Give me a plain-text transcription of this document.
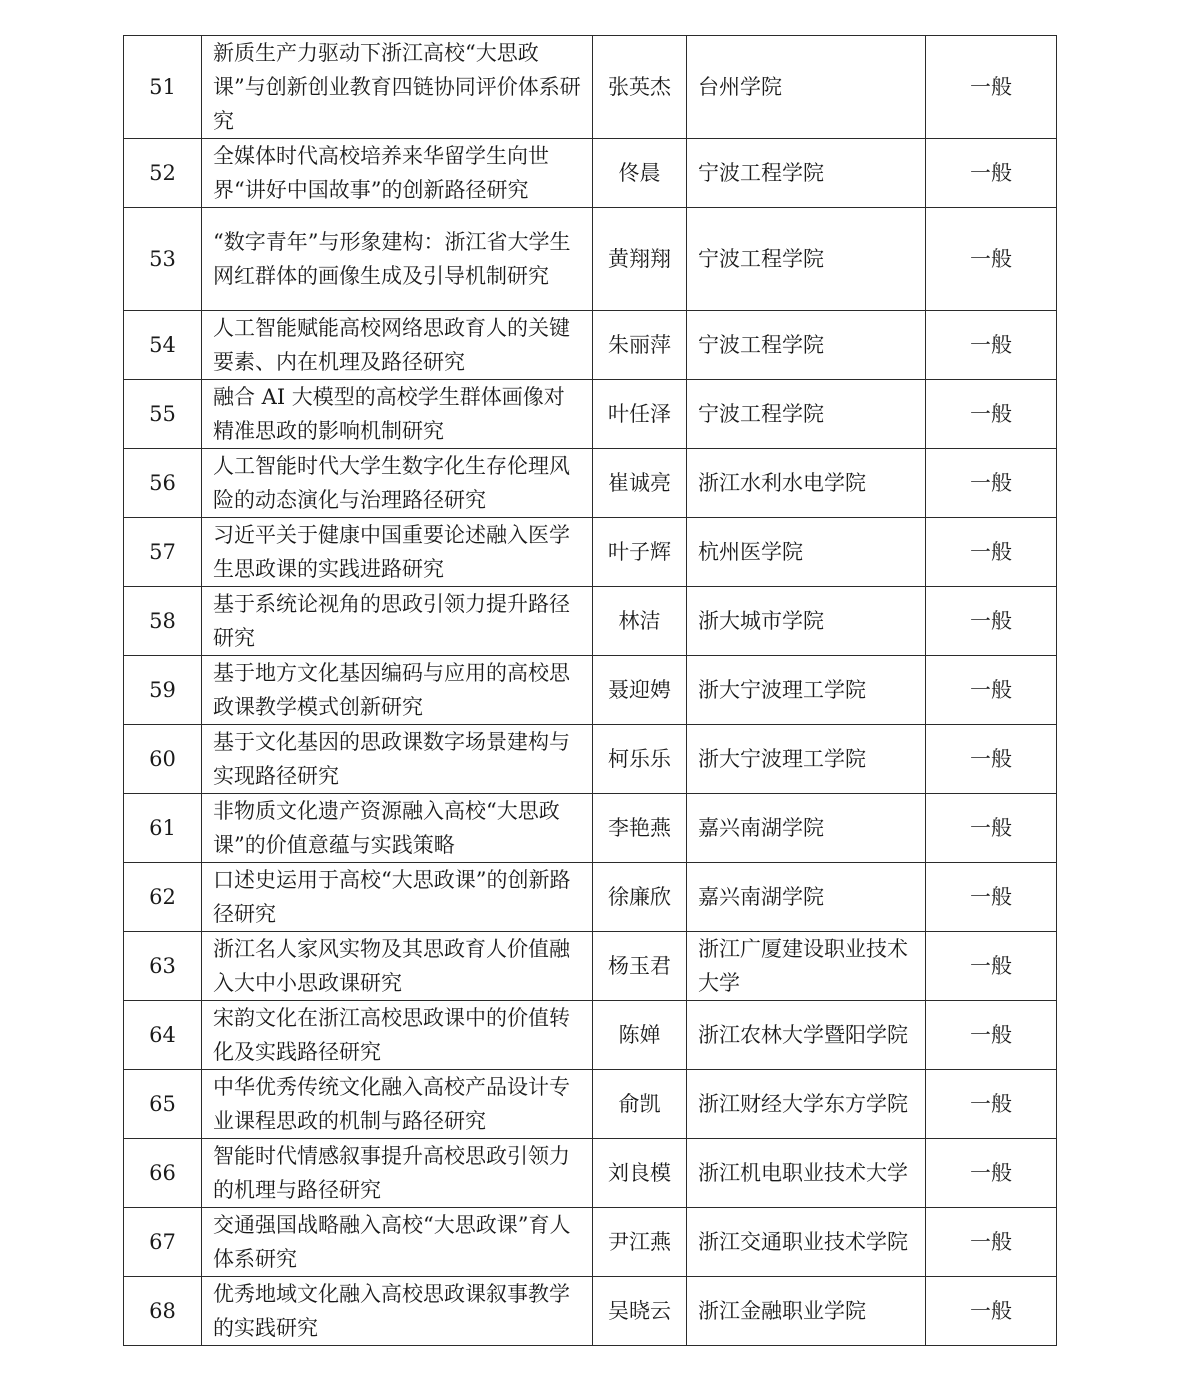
51	新质生产力驱动下浙江高校“大思政课”与创新创业教育四链协同评价体系研究	张英杰	台州学院	一般
52	全媒体时代高校培养来华留学生向世界“讲好中国故事”的创新路径研究	佟晨	宁波工程学院	一般
53	“数字青年”与形象建构：浙江省大学生网红群体的画像生成及引导机制研究	黄翔翔	宁波工程学院	一般
54	人工智能赋能高校网络思政育人的关键要素、内在机理及路径研究	朱丽萍	宁波工程学院	一般
55	融合 AI 大模型的高校学生群体画像对精准思政的影响机制研究	叶任泽	宁波工程学院	一般
56	人工智能时代大学生数字化生存伦理风险的动态演化与治理路径研究	崔诚亮	浙江水利水电学院	一般
57	习近平关于健康中国重要论述融入医学生思政课的实践进路研究	叶子辉	杭州医学院	一般
58	基于系统论视角的思政引领力提升路径研究	林洁	浙大城市学院	一般
59	基于地方文化基因编码与应用的高校思政课教学模式创新研究	聂迎娉	浙大宁波理工学院	一般
60	基于文化基因的思政课数字场景建构与实现路径研究	柯乐乐	浙大宁波理工学院	一般
61	非物质文化遗产资源融入高校“大思政课”的价值意蕴与实践策略	李艳燕	嘉兴南湖学院	一般
62	口述史运用于高校“大思政课”的创新路径研究	徐廉欣	嘉兴南湖学院	一般
63	浙江名人家风实物及其思政育人价值融入大中小思政课研究	杨玉君	浙江广厦建设职业技术大学	一般
64	宋韵文化在浙江高校思政课中的价值转化及实践路径研究	陈婵	浙江农林大学暨阳学院	一般
65	中华优秀传统文化融入高校产品设计专业课程思政的机制与路径研究	俞凯	浙江财经大学东方学院	一般
66	智能时代情感叙事提升高校思政引领力的机理与路径研究	刘良模	浙江机电职业技术大学	一般
67	交通强国战略融入高校“大思政课”育人体系研究	尹江燕	浙江交通职业技术学院	一般
68	优秀地域文化融入高校思政课叙事教学的实践研究	吴晓云	浙江金融职业学院	一般
